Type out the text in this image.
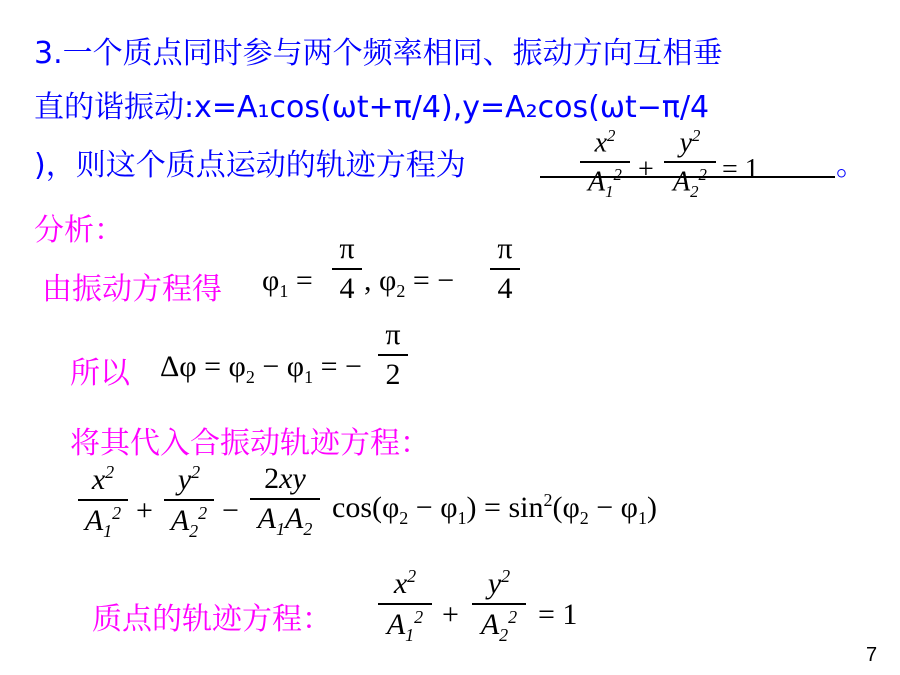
3.一个质点同时参与两个频率相同、振动方向互相垂
直的谐振动:x=A₁cos(ωt+π/4),y=A₂cos(ωt−π/4
)，则这个质点运动的轨迹方程为	。
$x^2$
$A_1^2$ +
$y^2$
$A_2^2 = 1$
分析：
由振动方程得 $\varphi_1$ =
π
4 , $\varphi_2$ = −
π
4
所以 $\Delta\varphi = \varphi_2 - \varphi_1$ = −
π
2
将其代入合振动轨迹方程：
$x^2$
$A_1^2$ +
$y^2$
$A_2^2$ −
2xy
$A_1A_2$
$\cos(\varphi_2 - \varphi_1) = \sin^2(\varphi_2 - \varphi_1)$
质点的轨迹方程：
$x^2$
$A_1^2$ +
$y^2$
$A_2^2 = 1$
7
